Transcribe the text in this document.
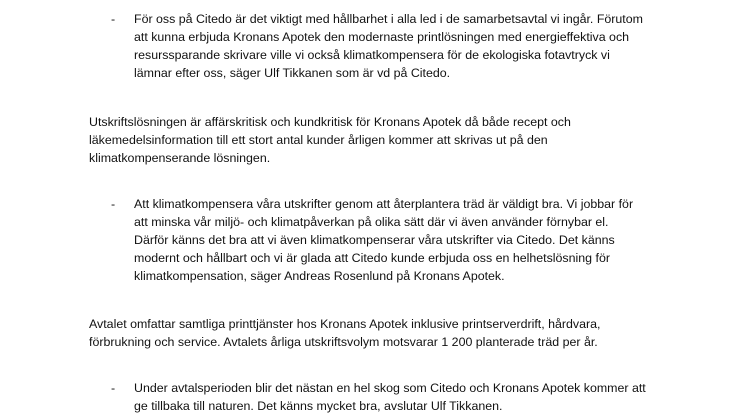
- För oss på Citedo är det viktigt med hållbarhet i alla led i de samarbetsavtal vi ingår. Förutom

att kunna erbjuda Kronans Apotek den modernaste printlösningen med energieffektiva och

resurssparande skrivare ville vi också klimatkompensera för de ekologiska fotavtryck vi

lämnar efter oss, säger Ulf Tikkanen som är vd på Citedo.

Utskriftslösningen är affärskritisk och kundkritisk för Kronans Apotek då både recept och

läkemedelsinformation till ett stort antal kunder årligen kommer att skrivas ut på den

klimatkompenserande lösningen.

- Att klimatkompensera våra utskrifter genom att återplantera träd är väldigt bra. Vi jobbar för

att minska vår miljö- och klimatpåverkan på olika sätt där vi även använder förnybar el.

Därför känns det bra att vi även klimatkompenserar våra utskrifter via Citedo. Det känns

modernt och hållbart och vi är glada att Citedo kunde erbjuda oss en helhetslösning för

klimatkompensation, säger Andreas Rosenlund på Kronans Apotek.

Avtalet omfattar samtliga printtjänster hos Kronans Apotek inklusive printserverdrift, hårdvara,

förbrukning och service. Avtalets årliga utskriftsvolym motsvarar 1 200 planterade träd per år.

- Under avtalsperioden blir det nästan en hel skog som Citedo och Kronans Apotek kommer att

ge tillbaka till naturen. Det känns mycket bra, avslutar Ulf Tikkanen.
